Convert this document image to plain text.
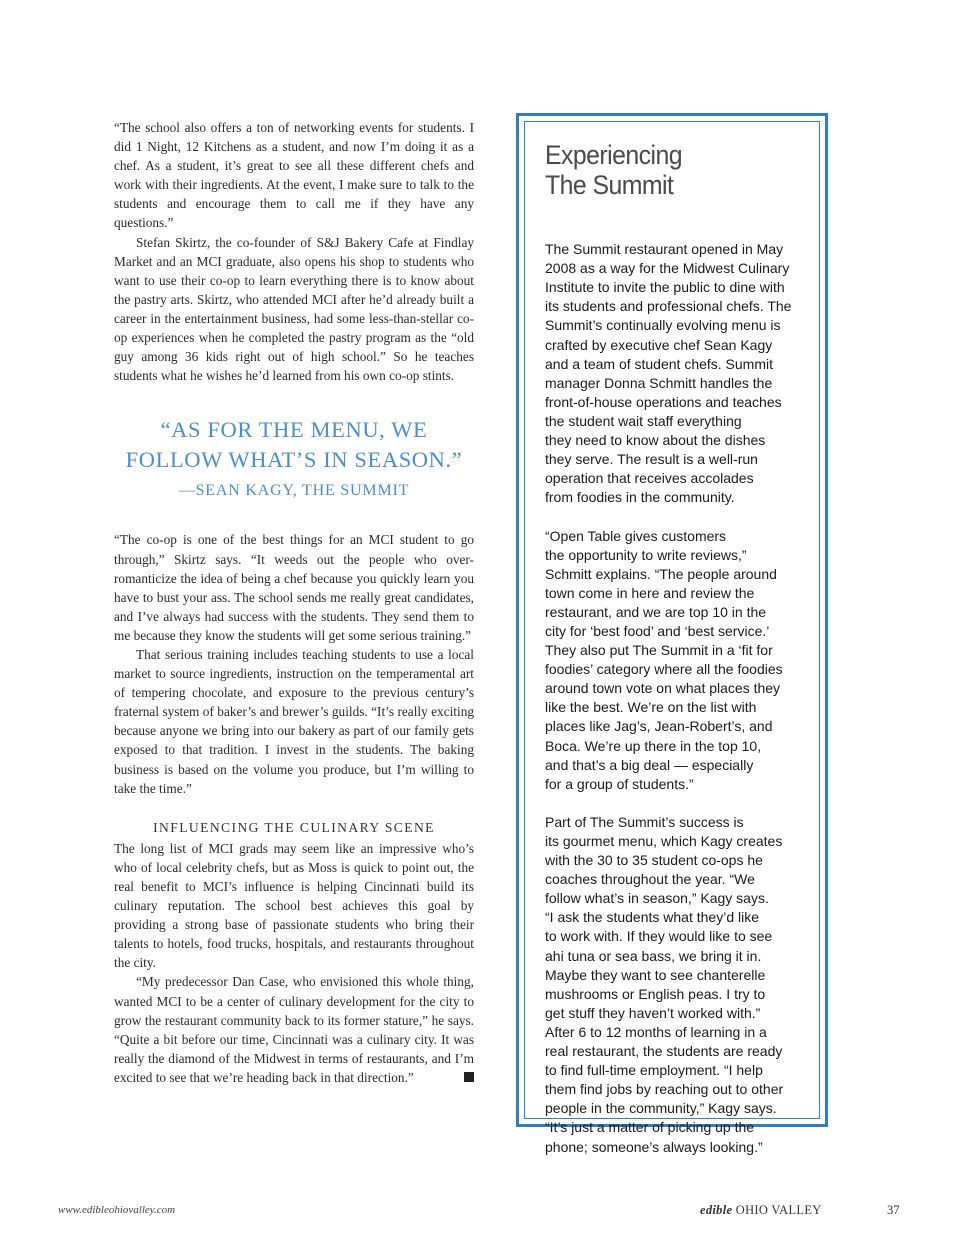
“The school also offers a ton of networking events for students. I did 1 Night, 12 Kitchens as a student, and now I’m doing it as a chef. As a student, it’s great to see all these different chefs and work with their ingredients. At the event, I make sure to talk to the students and encourage them to call me if they have any questions.”

Stefan Skirtz, the co-founder of S&J Bakery Cafe at Findlay Market and an MCI graduate, also opens his shop to students who want to use their co-op to learn everything there is to know about the pastry arts. Skirtz, who attended MCI after he’d already built a career in the entertainment business, had some less-than-stellar co-op experiences when he completed the pastry program as the “old guy among 36 kids right out of high school.” So he teaches students what he wishes he’d learned from his own co-op stints.

“AS FOR THE MENU, WE FOLLOW WHAT’S IN SEASON.”
—SEAN KAGY, THE SUMMIT

“The co-op is one of the best things for an MCI student to go through,” Skirtz says. “It weeds out the people who over-romanticize the idea of being a chef because you quickly learn you have to bust your ass. The school sends me really great candidates, and I’ve always had success with the students. They send them to me because they know the students will get some serious training.”

That serious training includes teaching students to use a local market to source ingredients, instruction on the temperamental art of tempering chocolate, and exposure to the previous century’s fraternal system of baker’s and brewer’s guilds. “It’s really exciting because anyone we bring into our bakery as part of our family gets exposed to that tradition. I invest in the students. The baking business is based on the volume you produce, but I’m willing to take the time.”

INFLUENCING THE CULINARY SCENE

The long list of MCI grads may seem like an impressive who’s who of local celebrity chefs, but as Moss is quick to point out, the real benefit to MCI’s influence is helping Cincinnati build its culinary reputation. The school best achieves this goal by providing a strong base of passionate students who bring their talents to hotels, food trucks, hospitals, and restaurants throughout the city.

“My predecessor Dan Case, who envisioned this whole thing, wanted MCI to be a center of culinary development for the city to grow the restaurant community back to its former stature,” he says. “Quite a bit before our time, Cincinnati was a culinary city. It was really the diamond of the Midwest in terms of restaurants, and I’m excited to see that we’re heading back in that direction.”

Experiencing
The Summit

The Summit restaurant opened in May
2008 as a way for the Midwest Culinary
Institute to invite the public to dine with
its students and professional chefs. The
Summit’s continually evolving menu is
crafted by executive chef Sean Kagy
and a team of student chefs. Summit
manager Donna Schmitt handles the
front-of-house operations and teaches
the student wait staff everything
they need to know about the dishes
they serve. The result is a well-run
operation that receives accolades
from foodies in the community.

“Open Table gives customers
the opportunity to write reviews,”
Schmitt explains. “The people around
town come in here and review the
restaurant, and we are top 10 in the
city for ‘best food’ and ‘best service.’
They also put The Summit in a ‘fit for
foodies’ category where all the foodies
around town vote on what places they
like the best. We’re on the list with
places like Jag’s, Jean-Robert’s, and
Boca. We’re up there in the top 10,
and that’s a big deal — especially
for a group of students.”

Part of The Summit’s success is
its gourmet menu, which Kagy creates
with the 30 to 35 student co-ops he
coaches throughout the year. “We
follow what’s in season,” Kagy says.
“I ask the students what they’d like
to work with. If they would like to see
ahi tuna or sea bass, we bring it in.
Maybe they want to see chanterelle
mushrooms or English peas. I try to
get stuff they haven’t worked with.”
After 6 to 12 months of learning in a
real restaurant, the students are ready
to find full-time employment. “I help
them find jobs by reaching out to other
people in the community,” Kagy says.
“It’s just a matter of picking up the
phone; someone’s always looking.”

www.edibleohiovalley.com	edible OHIO VALLEY	37
